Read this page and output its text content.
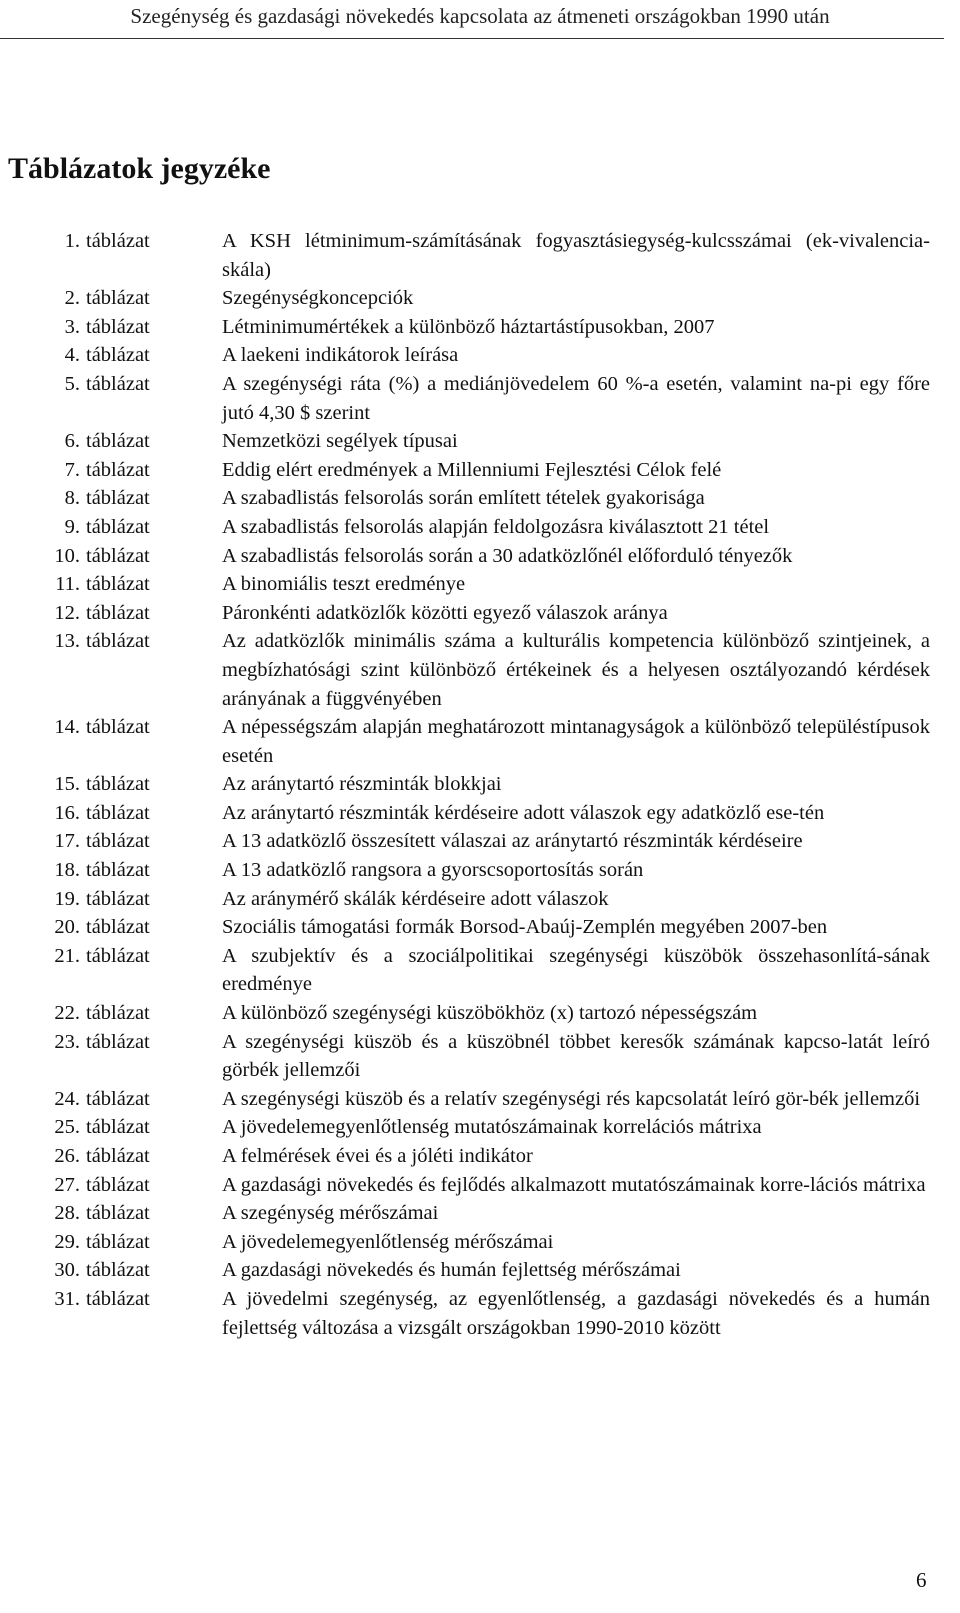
Szegénység és gazdasági növekedés kapcsolata az átmeneti országokban 1990 után
Táblázatok jegyzéke
1. táblázat	A KSH létminimum-számításának fogyasztásiegység-kulcsszámai (ek-vivalencia-skála)
2. táblázat	Szegénységkoncepciók
3. táblázat	Létminimumértékek a különböző háztartástípusokban, 2007
4. táblázat	A laekeni indikátorok leírása
5. táblázat	A szegénységi ráta (%) a mediánjövedelem 60 %-a esetén, valamint na-pi egy főre jutó 4,30 $ szerint
6. táblázat	Nemzetközi segélyek típusai
7. táblázat	Eddig elért eredmények a Millenniumi Fejlesztési Célok felé
8. táblázat	A szabadlistás felsorolás során említett tételek gyakorisága
9. táblázat	A szabadlistás felsorolás alapján feldolgozásra kiválasztott 21 tétel
10. táblázat	A szabadlistás felsorolás során a 30 adatközlőnél előforduló tényezők
11. táblázat	A binomiális teszt eredménye
12. táblázat	Páronkénti adatközlők közötti egyező válaszok aránya
13. táblázat	Az adatközlők minimális száma a kulturális kompetencia különböző szintjeinek, a megbízhatósági szint különböző értékeinek és a helyesen osztályozandó kérdések arányának a függvényében
14. táblázat	A népességszám alapján meghatározott mintanagyságok a különböző településtípusok esetén
15. táblázat	Az aránytartó részminták blokkjai
16. táblázat	Az aránytartó részminták kérdéseire adott válaszok egy adatközlő ese-tén
17. táblázat	A 13 adatközlő összesített válaszai az aránytartó részminták kérdéseire
18. táblázat	A 13 adatközlő rangsora a gyorscsoportosítás során
19. táblázat	Az aránymérő skálák kérdéseire adott válaszok
20. táblázat	Szociális támogatási formák Borsod-Abaúj-Zemplén megyében 2007-ben
21. táblázat	A szubjektív és a szociálpolitikai szegénységi küszöbök összehasonlítá-sának eredménye
22. táblázat	A különböző szegénységi küszöbökhöz (x) tartozó népességszám
23. táblázat	A szegénységi küszöb és a küszöbnél többet keresők számának kapcso-latát leíró görbék jellemzői
24. táblázat	A szegénységi küszöb és a relatív szegénységi rés kapcsolatát leíró gör-bék jellemzői
25. táblázat	A jövedelemegyenlőtlenség mutatószámainak korrelációs mátrixa
26. táblázat	A felmérések évei és a jóléti indikátor
27. táblázat	A gazdasági növekedés és fejlődés alkalmazott mutatószámainak korre-lációs mátrixa
28. táblázat	A szegénység mérőszámai
29. táblázat	A jövedelemegyenlőtlenség mérőszámai
30. táblázat	A gazdasági növekedés és humán fejlettség mérőszámai
31. táblázat	A jövedelmi szegénység, az egyenlőtlenség, a gazdasági növekedés és a humán fejlettség változása a vizsgált országokban 1990-2010 között
6
